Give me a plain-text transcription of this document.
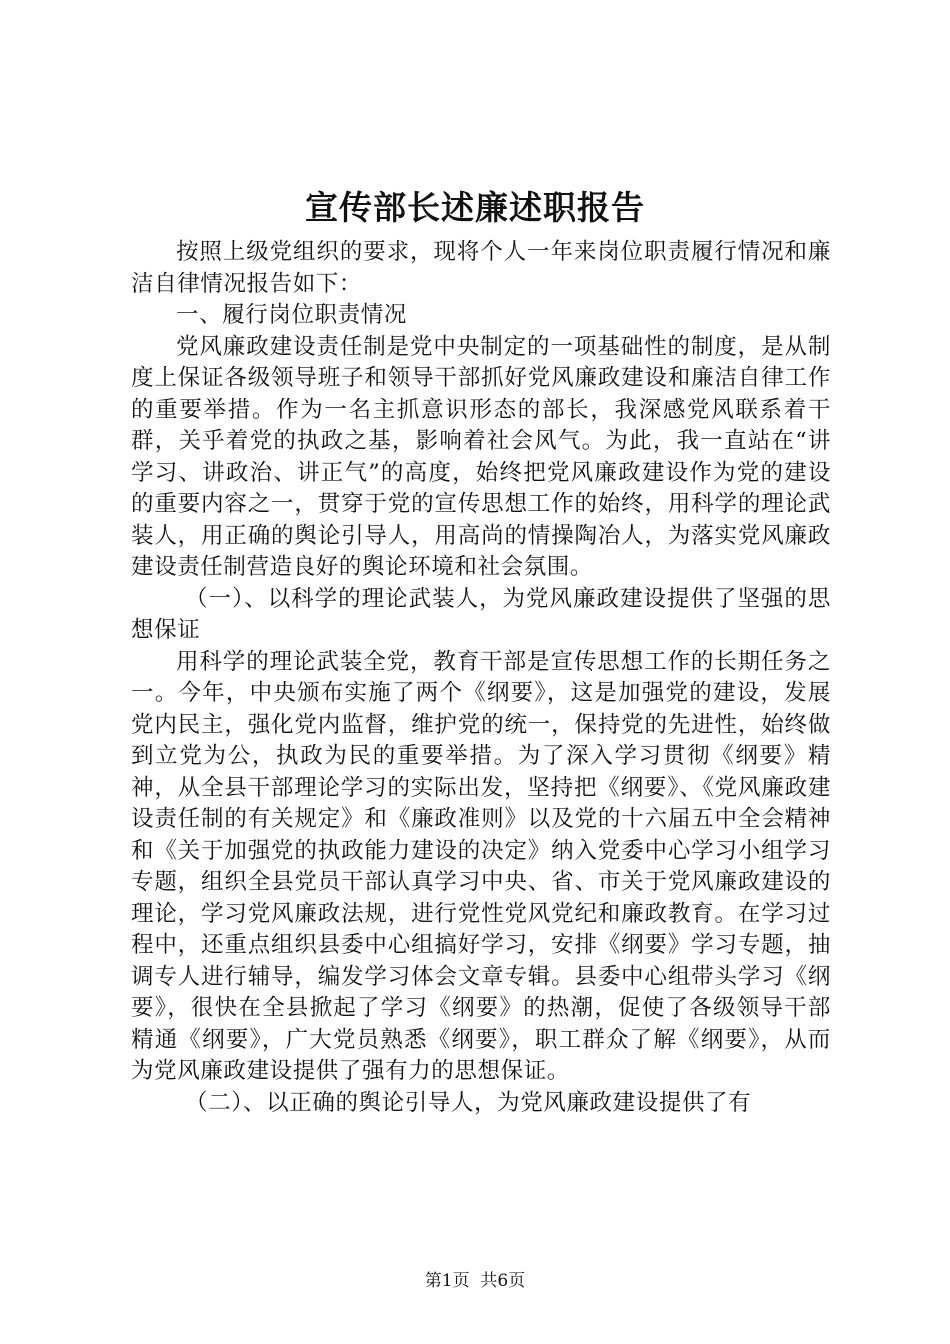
宣传部长述廉述职报告

按照上级党组织的要求，现将个人一年来岗位职责履行情况和廉洁自律情况报告如下：

一、履行岗位职责情况

党风廉政建设责任制是党中央制定的一项基础性的制度，是从制度上保证各级领导班子和领导干部抓好党风廉政建设和廉洁自律工作的重要举措。作为一名主抓意识形态的部长，我深感党风联系着干群，关乎着党的执政之基，影响着社会风气。为此，我一直站在“讲学习、讲政治、讲正气”的高度，始终把党风廉政建设作为党的建设的重要内容之一，贯穿于党的宣传思想工作的始终，用科学的理论武装人，用正确的舆论引导人，用高尚的情操陶冶人，为落实党风廉政建设责任制营造良好的舆论环境和社会氛围。

（一）、以科学的理论武装人，为党风廉政建设提供了坚强的思想保证

用科学的理论武装全党，教育干部是宣传思想工作的长期任务之一。今年，中央颁布实施了两个《纲要》，这是加强党的建设，发展党内民主，强化党内监督，维护党的统一，保持党的先进性，始终做到立党为公，执政为民的重要举措。为了深入学习贯彻《纲要》精神，从全县干部理论学习的实际出发，坚持把《纲要》、《党风廉政建设责任制的有关规定》和《廉政准则》以及党的十六届五中全会精神和《关于加强党的执政能力建设的决定》纳入党委中心学习小组学习专题，组织全县党员干部认真学习中央、省、市关于党风廉政建设的理论，学习党风廉政法规，进行党性党风党纪和廉政教育。在学习过程中，还重点组织县委中心组搞好学习，安排《纲要》学习专题，抽调专人进行辅导，编发学习体会文章专辑。县委中心组带头学习《纲要》，很快在全县掀起了学习《纲要》的热潮，促使了各级领导干部精通《纲要》，广大党员熟悉《纲要》，职工群众了解《纲要》，从而为党风廉政建设提供了强有力的思想保证。

（二）、以正确的舆论引导人，为党风廉政建设提供了有

第1页  共6页
